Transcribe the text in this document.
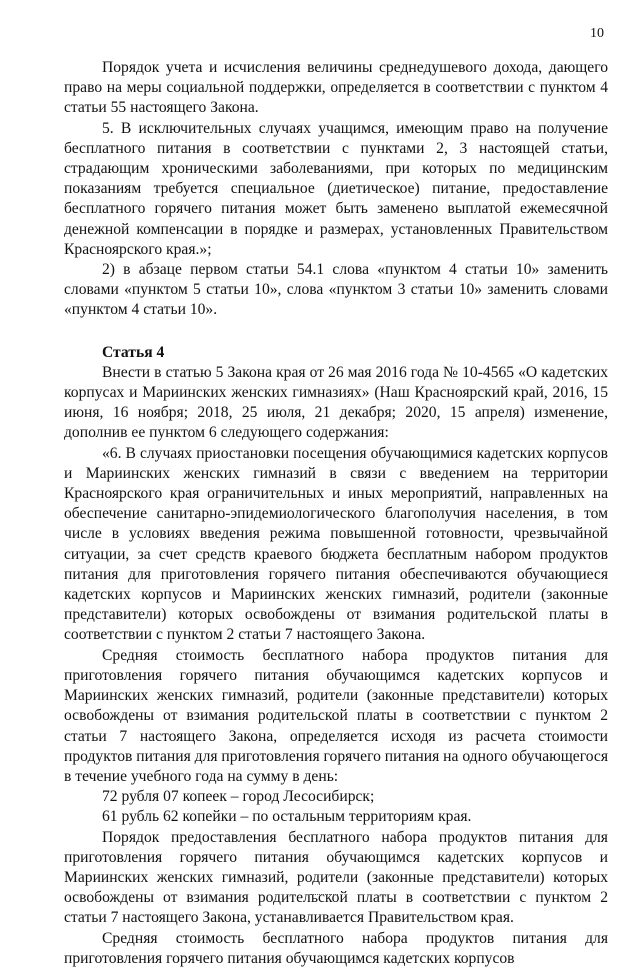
10

Порядок учета и исчисления величины среднедушевого дохода, дающего право на меры социальной поддержки, определяется в соответствии с пунктом 4 статьи 55 настоящего Закона.

5. В исключительных случаях учащимся, имеющим право на получение бесплатного питания в соответствии с пунктами 2, 3 настоящей статьи, страдающим хроническими заболеваниями, при которых по медицинским показаниям требуется специальное (диетическое) питание, предоставление бесплатного горячего питания может быть заменено выплатой ежемесячной денежной компенсации в порядке и размерах, установленных Правительством Красноярского края.»;

2) в абзаце первом статьи 54.1 слова «пунктом 4 статьи 10» заменить словами «пунктом 5 статьи 10», слова «пунктом 3 статьи 10» заменить словами «пунктом 4 статьи 10».

Статья 4

Внести в статью 5 Закона края от 26 мая 2016 года № 10-4565 «О кадетских корпусах и Мариинских женских гимназиях» (Наш Красноярский край, 2016, 15 июня, 16 ноября; 2018, 25 июля, 21 декабря; 2020, 15 апреля) изменение, дополнив ее пунктом 6 следующего содержания:

«6. В случаях приостановки посещения обучающимися кадетских корпусов и Мариинских женских гимназий в связи с введением на территории Красноярского края ограничительных и иных мероприятий, направленных на обеспечение санитарно-эпидемиологического благополучия населения, в том числе в условиях введения режима повышенной готовности, чрезвычайной ситуации, за счет средств краевого бюджета бесплатным набором продуктов питания для приготовления горячего питания обеспечиваются обучающиеся кадетских корпусов и Мариинских женских гимназий, родители (законные представители) которых освобождены от взимания родительской платы в соответствии с пунктом 2 статьи 7 настоящего Закона.

Средняя стоимость бесплатного набора продуктов питания для приготовления горячего питания обучающимся кадетских корпусов и Мариинских женских гимназий, родители (законные представители) которых освобождены от взимания родительской платы в соответствии с пунктом 2 статьи 7 настоящего Закона, определяется исходя из расчета стоимости продуктов питания для приготовления горячего питания на одного обучающегося в течение учебного года на сумму в день:

72 рубля 07 копеек – город Лесосибирск;

61 рубль 62 копейки – по остальным территориям края.

Порядок предоставления бесплатного набора продуктов питания для приготовления горячего питания обучающимся кадетских корпусов и Мариинских женских гимназий, родители (законные представители) которых освобождены от взимания родительской платы в соответствии с пунктом 2 статьи 7 настоящего Закона, устанавливается Правительством края.

Средняя стоимость бесплатного набора продуктов питания для приготовления горячего питания обучающимся кадетских корпусов
